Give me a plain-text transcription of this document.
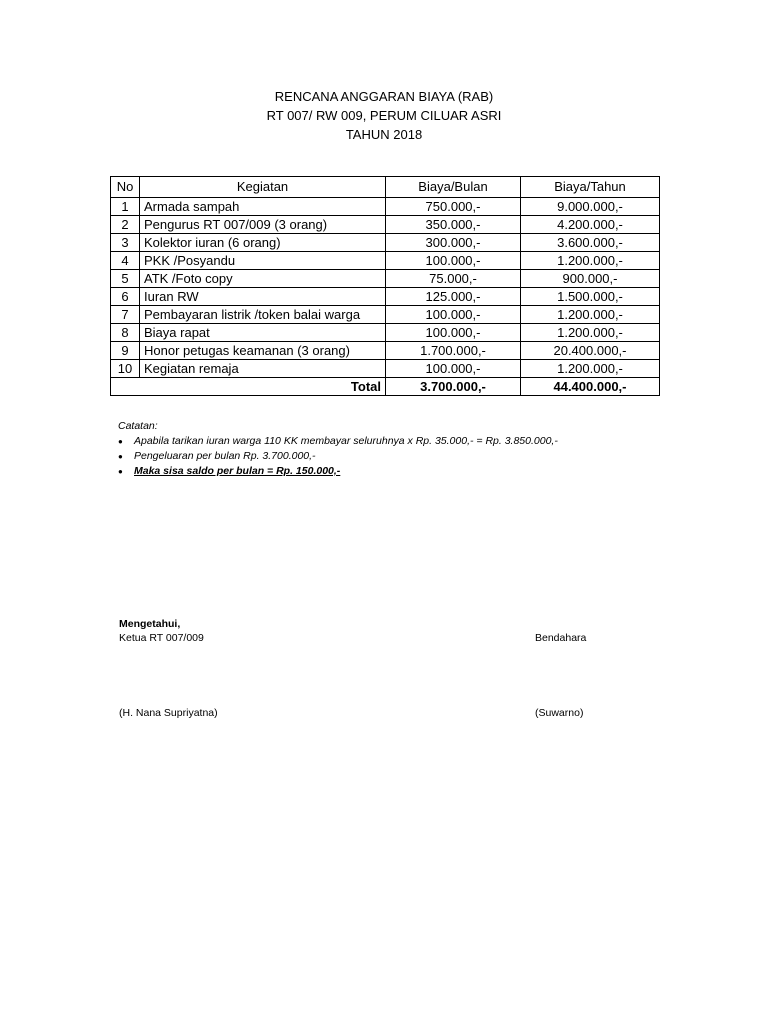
RENCANA ANGGARAN BIAYA (RAB)
RT 007/ RW 009, PERUM CILUAR ASRI
TAHUN 2018
No	Kegiatan	Biaya/Bulan	Biaya/Tahun
1	Armada sampah	750.000,-	9.000.000,-
2	Pengurus RT 007/009 (3 orang)	350.000,-	4.200.000,-
3	Kolektor iuran (6 orang)	300.000,-	3.600.000,-
4	PKK /Posyandu	100.000,-	1.200.000,-
5	ATK /Foto copy	75.000,-	900.000,-
6	Iuran RW	125.000,-	1.500.000,-
7	Pembayaran listrik /token balai warga	100.000,-	1.200.000,-
8	Biaya rapat	100.000,-	1.200.000,-
9	Honor petugas keamanan (3 orang)	1.700.000,-	20.400.000,-
10	Kegiatan remaja	100.000,-	1.200.000,-
Total		3.700.000,-	44.400.000,-
Catatan:
● Apabila tarikan iuran warga 110 KK membayar seluruhnya x Rp. 35.000,- = Rp. 3.850.000,-
● Pengeluaran per bulan Rp. 3.700.000,-
● Maka sisa saldo per bulan = Rp. 150.000,-
Mengetahui,
Ketua RT 007/009	Bendahara
(H. Nana Supriyatna)	(Suwarno)
